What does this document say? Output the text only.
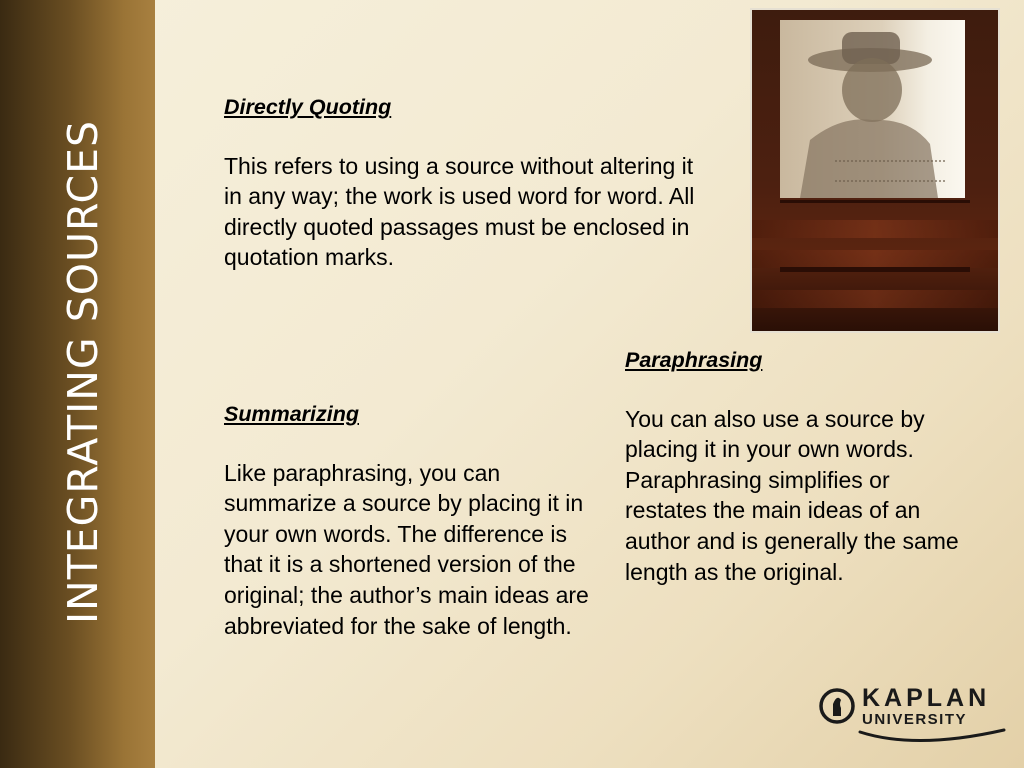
INTEGRATING SOURCES
Directly Quoting

This refers to using a source without altering it in any way; the work is used word for word. All directly quoted passages must be enclosed in quotation marks.

Summarizing

Like paraphrasing, you can summarize a source by placing it in your own words. The difference is that it is a shortened version of the original; the author’s main ideas are abbreviated for the sake of length.

Paraphrasing

You can also use a source by placing it in your own words. Paraphrasing simplifies or restates the main ideas of an author and is generally the same length as the original.

KAPLAN
UNIVERSITY
